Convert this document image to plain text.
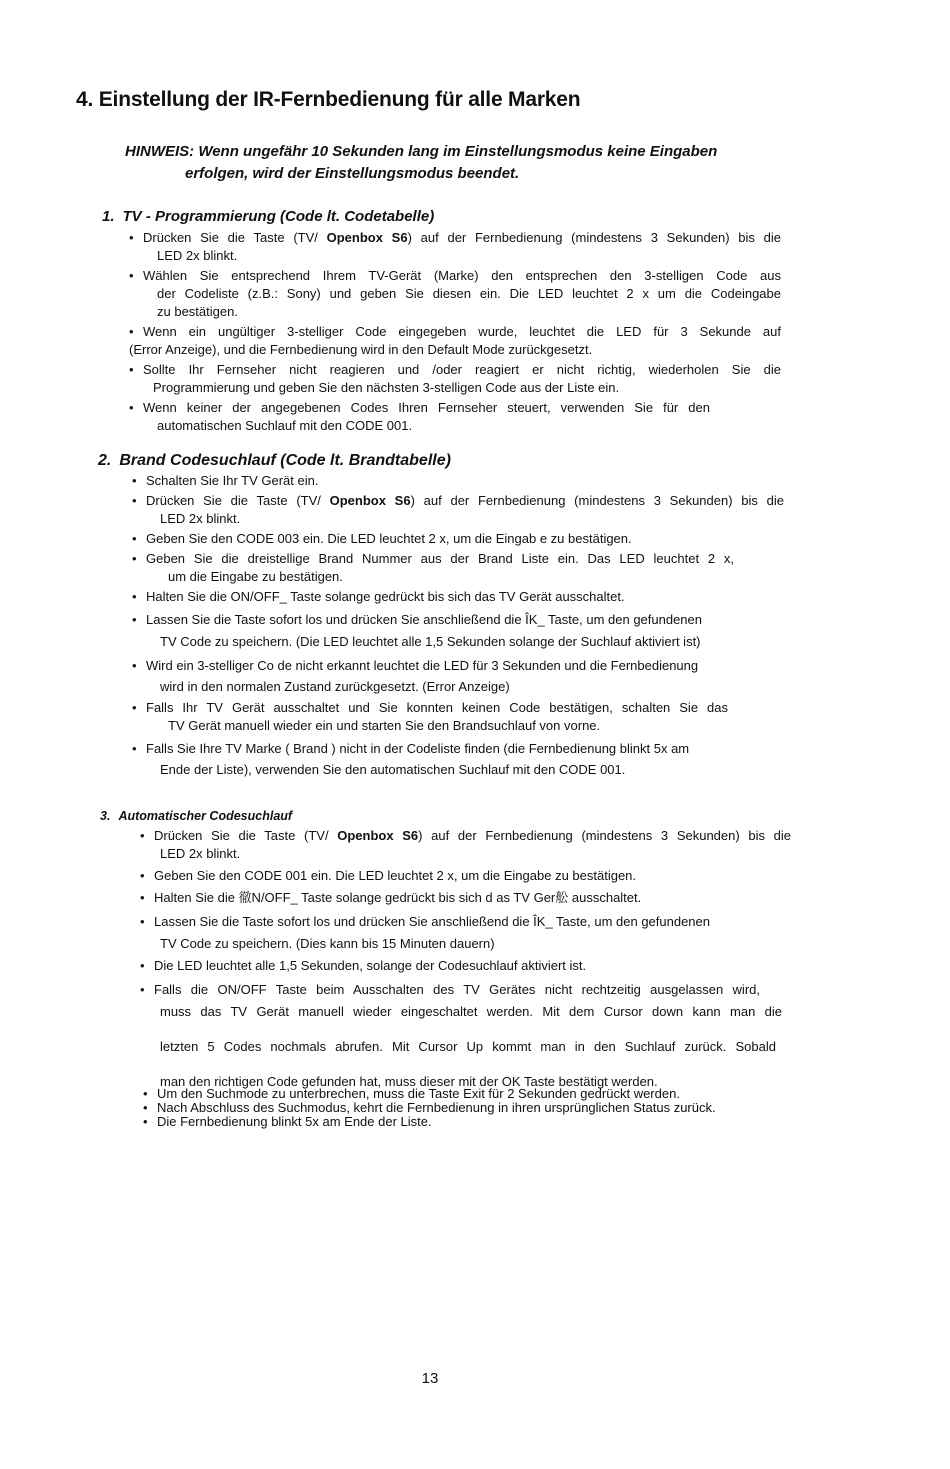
4. Einstellung der IR-Fernbedienung für alle Marken

HINWEIS: Wenn ungefähr 10 Sekunden lang im Einstellungsmodus keine Eingaben
erfolgen, wird der Einstellungsmodus beendet.

1. TV - Programmierung (Code lt. Codetabelle)

• Drücken Sie die Taste (TV/ Openbox S6) auf der Fernbedienung (mindestens 3 Sekunden) bis die
LED 2x blinkt.
• Wählen Sie entsprechend Ihrem TV-Gerät (Marke) den entsprechen den 3-stelligen Code aus
der Codeliste (z.B.: Sony) und geben Sie diesen ein. Die LED leuchtet 2 x um die Codeingabe
zu bestätigen.
• Wenn ein ungültiger 3-stelliger Code eingegeben wurde, leuchtet die LED für 3 Sekunde auf
(Error Anzeige), und die Fernbedienung wird in den Default Mode zurückgesetzt.
• Sollte Ihr Fernseher nicht reagieren und /oder reagiert er nicht richtig, wiederholen Sie die
Programmierung und geben Sie den nächsten 3-stelligen Code aus der Liste ein.
• Wenn keiner der angegebenen Codes Ihren Fernseher steuert, verwenden Sie für den
automatischen Suchlauf mit den CODE 001.

2. Brand Codesuchlauf (Code lt. Brandtabelle)

• Schalten Sie Ihr TV Gerät ein.
• Drücken Sie die Taste (TV/ Openbox S6) auf der Fernbedienung (mindestens 3 Sekunden) bis die
LED 2x blinkt.
• Geben Sie den CODE 003 ein. Die LED leuchtet 2 x, um die Eingab e zu bestätigen.
• Geben Sie die dreistellige Brand Nummer aus der Brand Liste ein. Das LED leuchtet 2 x,
um die Eingabe zu bestätigen.
• Halten Sie die ON/OFF_ Taste solange gedrückt bis sich das TV Gerät ausschaltet.
• Lassen Sie die Taste sofort los und drücken Sie anschließend die ÎK_ Taste, um den gefundenen
TV Code zu speichern. (Die LED leuchtet alle 1,5 Sekunden solange der Suchlauf aktiviert ist)
• Wird ein 3-stelliger Co de nicht erkannt leuchtet die LED für 3 Sekunden und die Fernbedienung
wird in den normalen Zustand zurückgesetzt. (Error Anzeige)
• Falls Ihr TV Gerät ausschaltet und Sie konnten keinen Code bestätigen, schalten Sie das
TV Gerät manuell wieder ein und starten Sie den Brandsuchlauf von vorne.
• Falls Sie Ihre TV Marke ( Brand ) nicht in der Codeliste finden (die Fernbedienung blinkt 5x am
Ende der Liste), verwenden Sie den automatischen Suchlauf mit den CODE 001.

3. Automatischer Codesuchlauf

• Drücken Sie die Taste (TV/ Openbox S6) auf der Fernbedienung (mindestens 3 Sekunden) bis die
LED 2x blinkt.
• Geben Sie den CODE 001 ein. Die LED leuchtet 2 x, um die Eingabe zu bestätigen.
• Halten Sie die 徹N/OFF_ Taste solange gedrückt bis sich d as TV Ger舩 ausschaltet.
• Lassen Sie die Taste sofort los und drücken Sie anschließend die ÎK_ Taste, um den gefundenen
TV Code zu speichern. (Dies kann bis 15 Minuten dauern)
• Die LED leuchtet alle 1,5 Sekunden, solange der Codesuchlauf aktiviert ist.
• Falls die ON/OFF Taste beim Ausschalten des TV Gerätes nicht rechtzeitig ausgelassen wird,
muss das TV Gerät manuell wieder eingeschaltet werden. Mit dem Cursor down kann man die
letzten 5 Codes nochmals abrufen. Mit Cursor Up kommt man in den Suchlauf zurück. Sobald
man den richtigen Code gefunden hat, muss dieser mit der OK Taste bestätigt werden.
• Um den Suchmode zu unterbrechen, muss die Taste Exit für 2 Sekunden gedrückt werden.
• Nach Abschluss des Suchmodus, kehrt die Fernbedienung in ihren ursprünglichen Status zurück.
• Die Fernbedienung blinkt 5x am Ende der Liste.
13
